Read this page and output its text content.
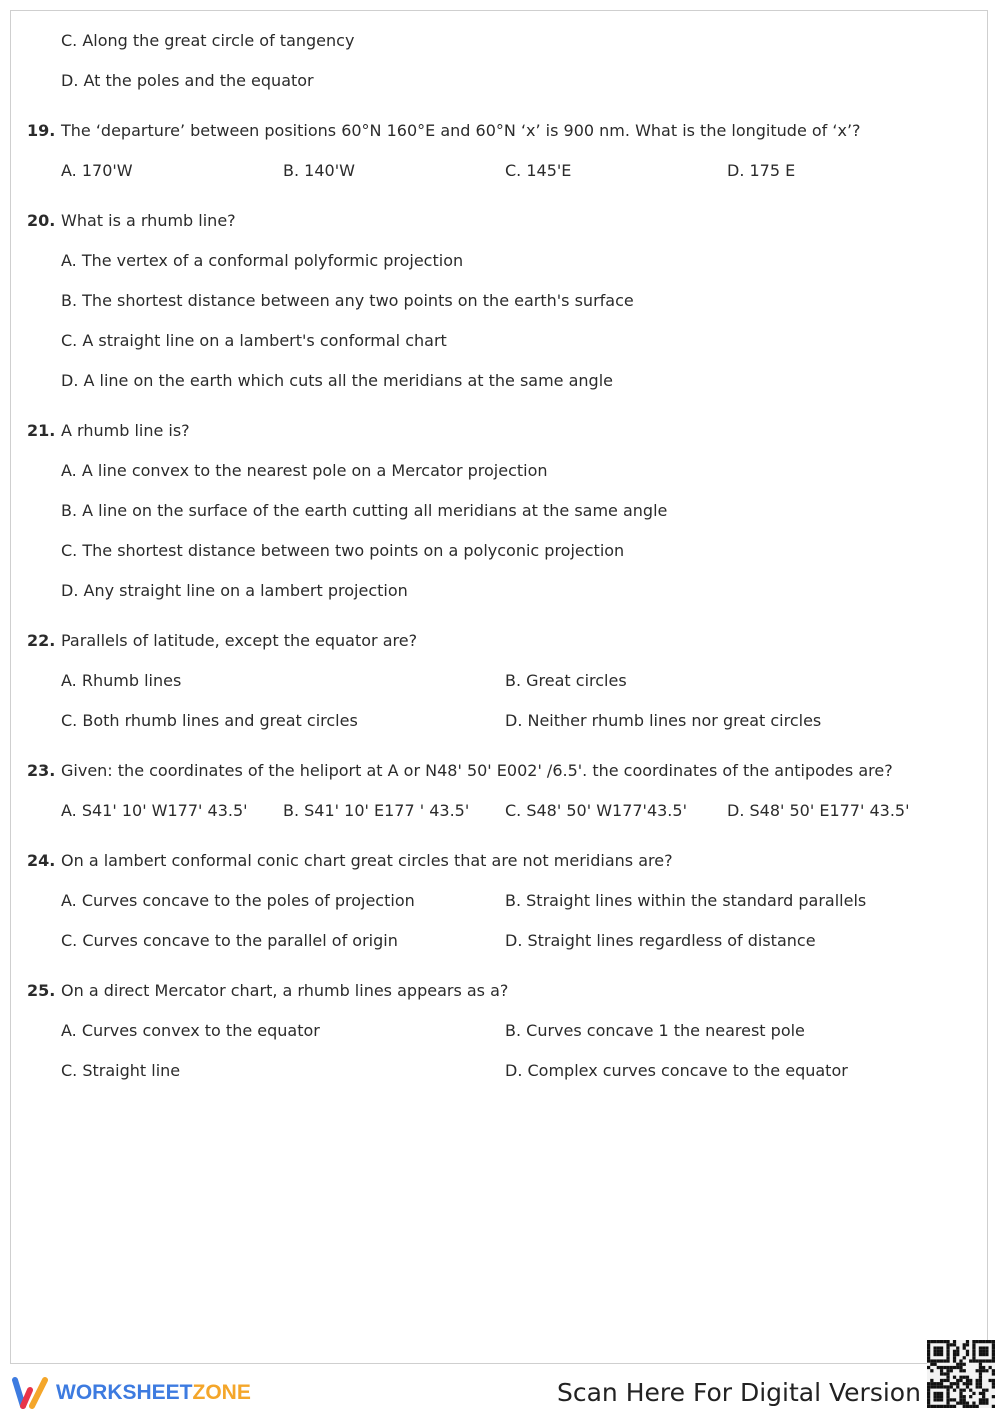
C. Along the great circle of tangency
D. At the poles and the equator
19. The ‘departure’ between positions 60°N 160°E and 60°N ‘x’ is 900 nm. What is the longitude of ‘x’?
A. 170'W	B. 140'W	C. 145'E	D. 175 E
20. What is a rhumb line?
A. The vertex of a conformal polyformic projection
B. The shortest distance between any two points on the earth's surface
C. A straight line on a lambert's conformal chart
D. A line on the earth which cuts all the meridians at the same angle
21. A rhumb line is?
A. A line convex to the nearest pole on a Mercator projection
B. A line on the surface of the earth cutting all meridians at the same angle
C. The shortest distance between two points on a polyconic projection
D. Any straight line on a lambert projection
22. Parallels of latitude, except the equator are?
A. Rhumb lines	B. Great circles
C. Both rhumb lines and great circles	D. Neither rhumb lines nor great circles
23. Given: the coordinates of the heliport at A or N48' 50' E002' /6.5'. the coordinates of the antipodes are?
A. S41' 10' W177' 43.5' B. S41' 10' E177 ' 43.5' C. S48' 50' W177'43.5'	D. S48' 50' E177' 43.5'
24. On a lambert conformal conic chart great circles that are not meridians are?
A. Curves concave to the poles of projection	B. Straight lines within the standard parallels
C. Curves concave to the parallel of origin	D. Straight lines regardless of distance
25. On a direct Mercator chart, a rhumb lines appears as a?
A. Curves convex to the equator	B. Curves concave 1 the nearest pole
C. Straight line	D. Complex curves concave to the equator
WORKSHEETZONE	Scan Here For Digital Version
